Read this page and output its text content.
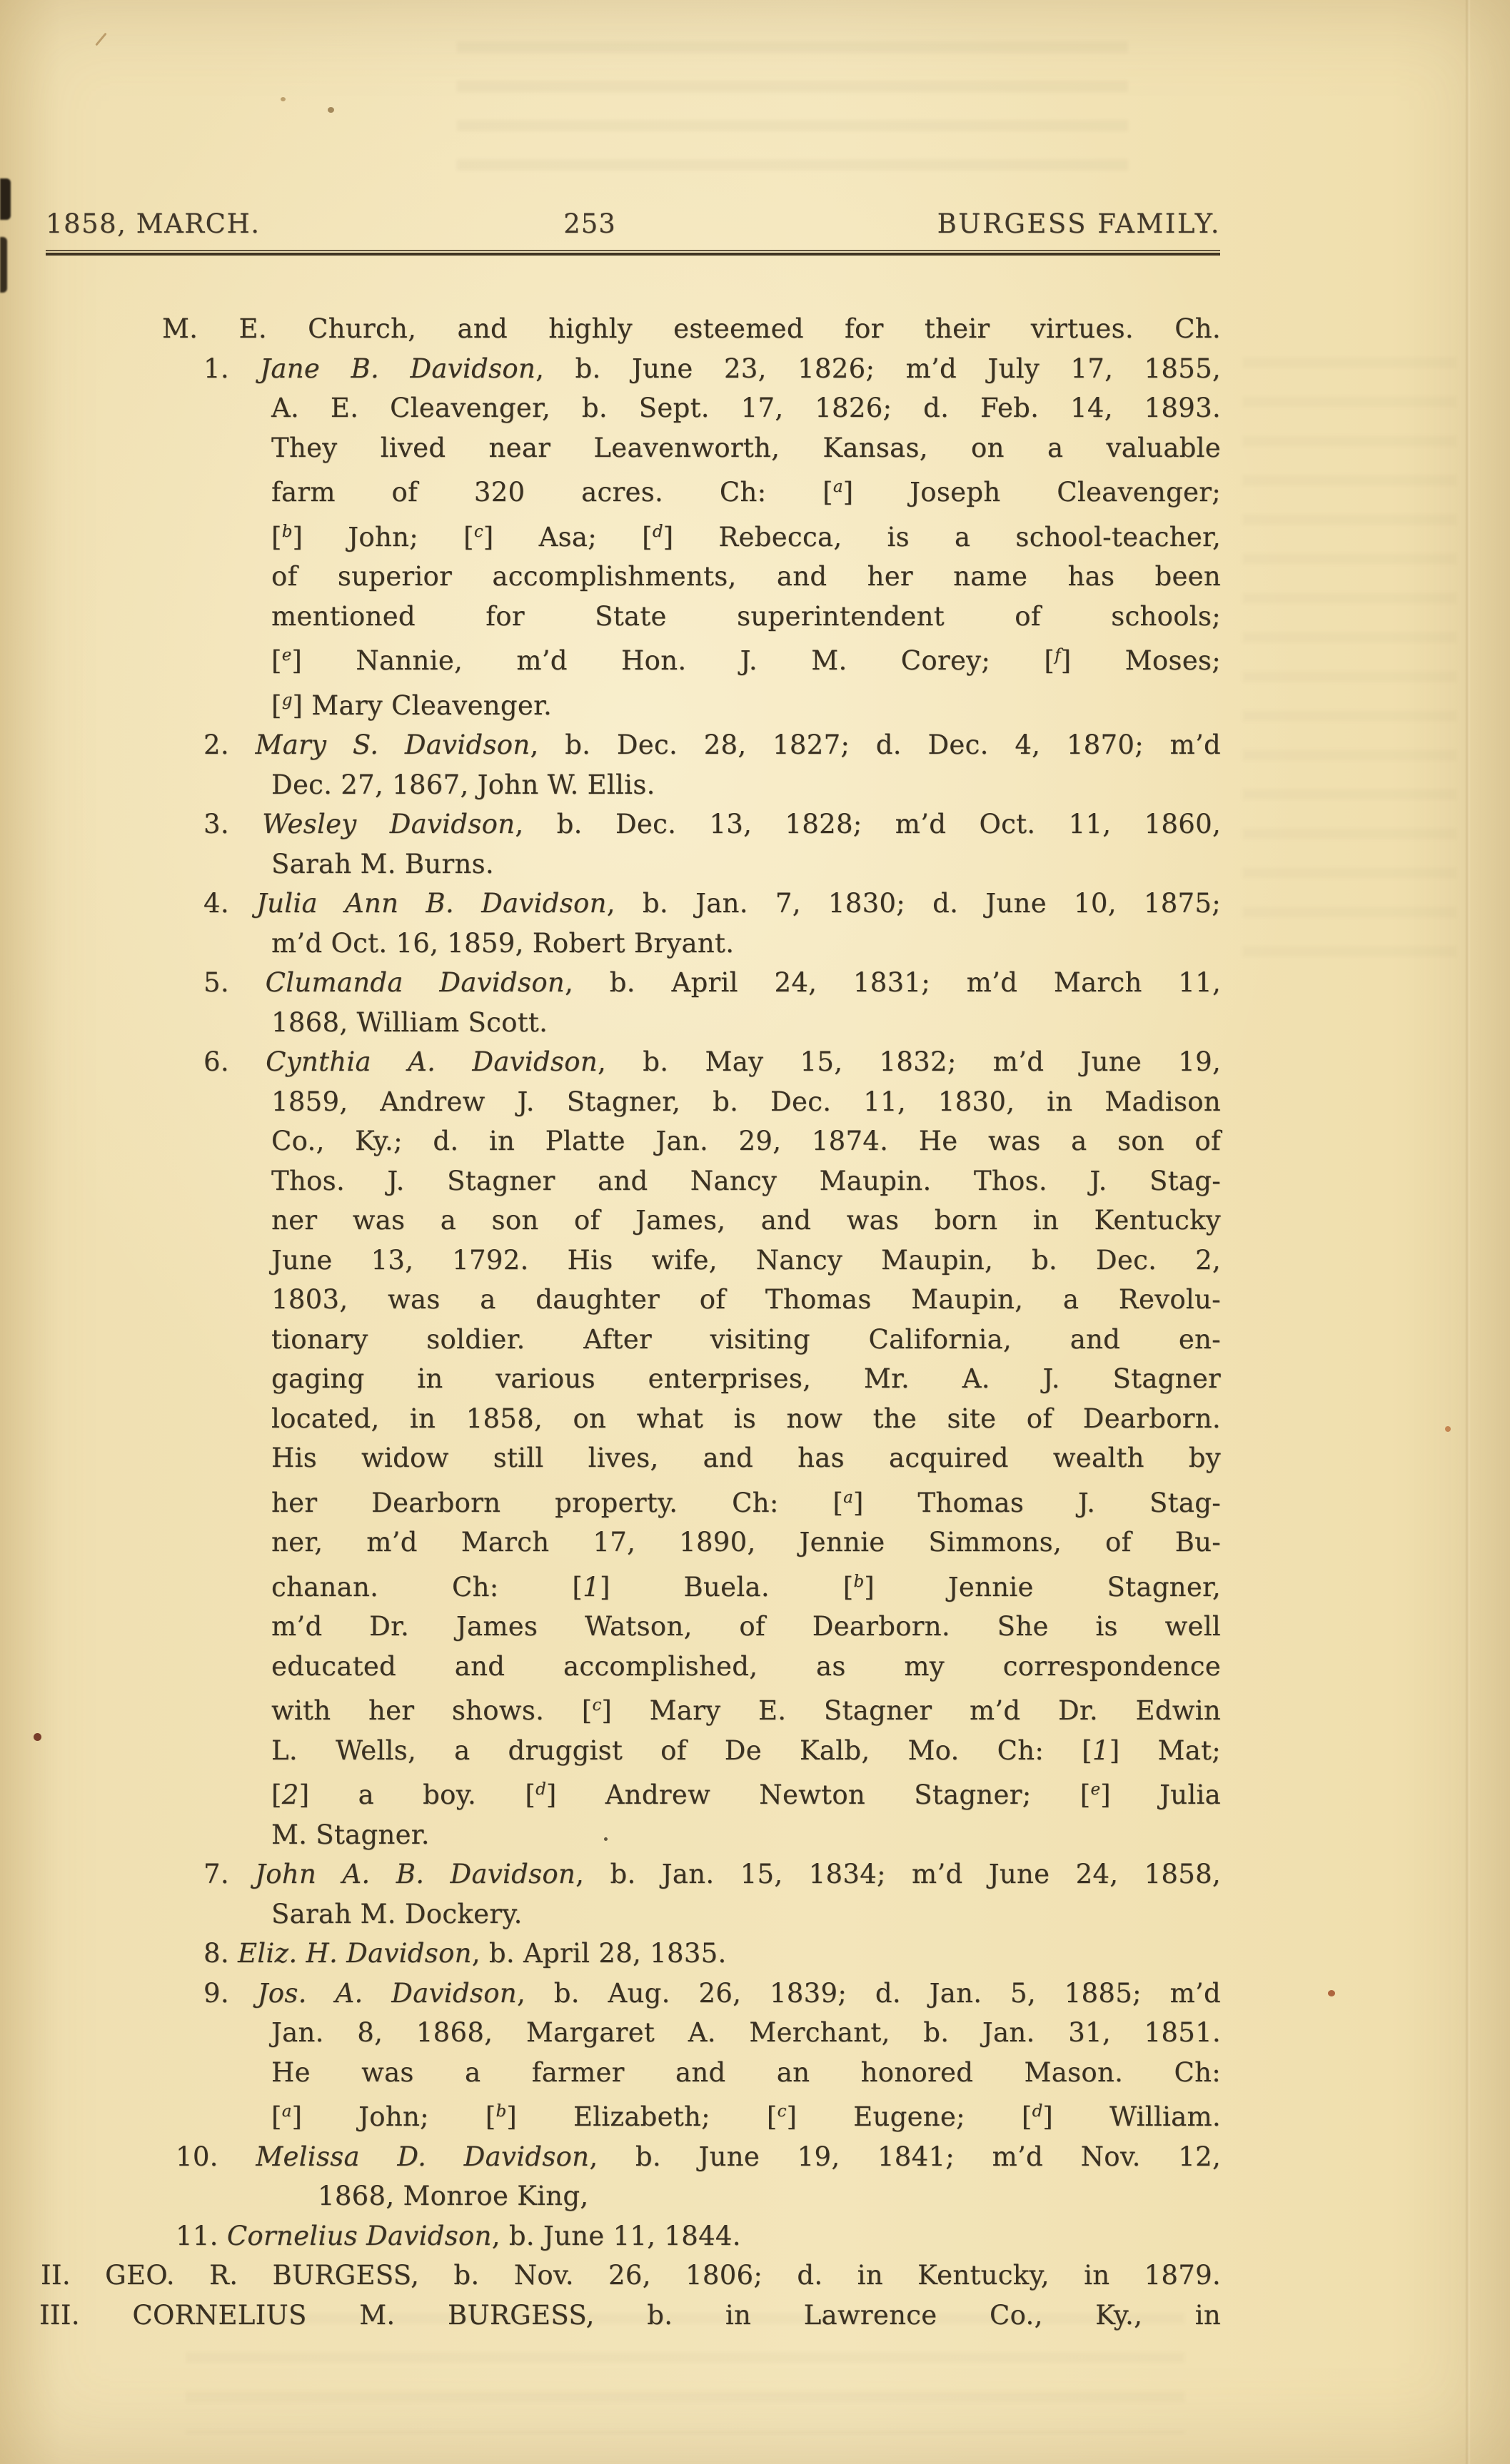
1858, MARCH.	253	BURGESS FAMILY.
M. E. Church, and highly esteemed for their virtues. Ch.
1. Jane B. Davidson, b. June 23, 1826; m’d July 17, 1855,
A. E. Cleavenger, b. Sept. 17, 1826; d. Feb. 14, 1893.
They lived near Leavenworth, Kansas, on a valuable
farm of 320 acres. Ch: [$^a$] Joseph Cleavenger;
[$^b$] John; [$^c$] Asa; [$^d$] Rebecca, is a school-teacher,
of superior accomplishments, and her name has been
mentioned for State superintendent of schools;
[$^e$] Nannie, m’d Hon. J. M. Corey; [$^f$] Moses;
[$^g$] Mary Cleavenger.
2. Mary S. Davidson, b. Dec. 28, 1827; d. Dec. 4, 1870; m’d
Dec. 27, 1867, John W. Ellis.
3. Wesley Davidson, b. Dec. 13, 1828; m’d Oct. 11, 1860,
Sarah M. Burns.
4. Julia Ann B. Davidson, b. Jan. 7, 1830; d. June 10, 1875;
m’d Oct. 16, 1859, Robert Bryant.
5. Clumanda Davidson, b. April 24, 1831; m’d March 11,
1868, William Scott.
6. Cynthia A. Davidson, b. May 15, 1832; m’d June 19,
1859, Andrew J. Stagner, b. Dec. 11, 1830, in Madison
Co., Ky.; d. in Platte Jan. 29, 1874. He was a son of
Thos. J. Stagner and Nancy Maupin. Thos. J. Stag-
ner was a son of James, and was born in Kentucky
June 13, 1792. His wife, Nancy Maupin, b. Dec. 2,
1803, was a daughter of Thomas Maupin, a Revolu-
tionary soldier. After visiting California, and en-
gaging in various enterprises, Mr. A. J. Stagner
located, in 1858, on what is now the site of Dearborn.
His widow still lives, and has acquired wealth by
her Dearborn property. Ch: [$^a$] Thomas J. Stag-
ner, m’d March 17, 1890, Jennie Simmons, of Bu-
chanan. Ch: [1] Buela. [$^b$] Jennie Stagner,
m’d Dr. James Watson, of Dearborn. She is well
educated and accomplished, as my correspondence
with her shows. [$^c$] Mary E. Stagner m’d Dr. Edwin
L. Wells, a druggist of De Kalb, Mo. Ch: [1] Mat;
[2] a boy. [$^d$] Andrew Newton Stagner; [$^e$] Julia
M. Stagner.
7. John A. B. Davidson, b. Jan. 15, 1834; m’d June 24, 1858,
Sarah M. Dockery.
8. Eliz. H. Davidson, b. April 28, 1835.
9. Jos. A. Davidson, b. Aug. 26, 1839; d. Jan. 5, 1885; m’d
Jan. 8, 1868, Margaret A. Merchant, b. Jan. 31, 1851.
He was a farmer and an honored Mason. Ch:
[$^a$] John; [$^b$] Elizabeth; [$^c$] Eugene; [$^d$] William.
10. Melissa D. Davidson, b. June 19, 1841; m’d Nov. 12,
1868, Monroe King,
11. Cornelius Davidson, b. June 11, 1844.
II. GEO. R. BURGESS, b. Nov. 26, 1806; d. in Kentucky, in 1879.
III. CORNELIUS M. BURGESS, b. in Lawrence Co., Ky., in
